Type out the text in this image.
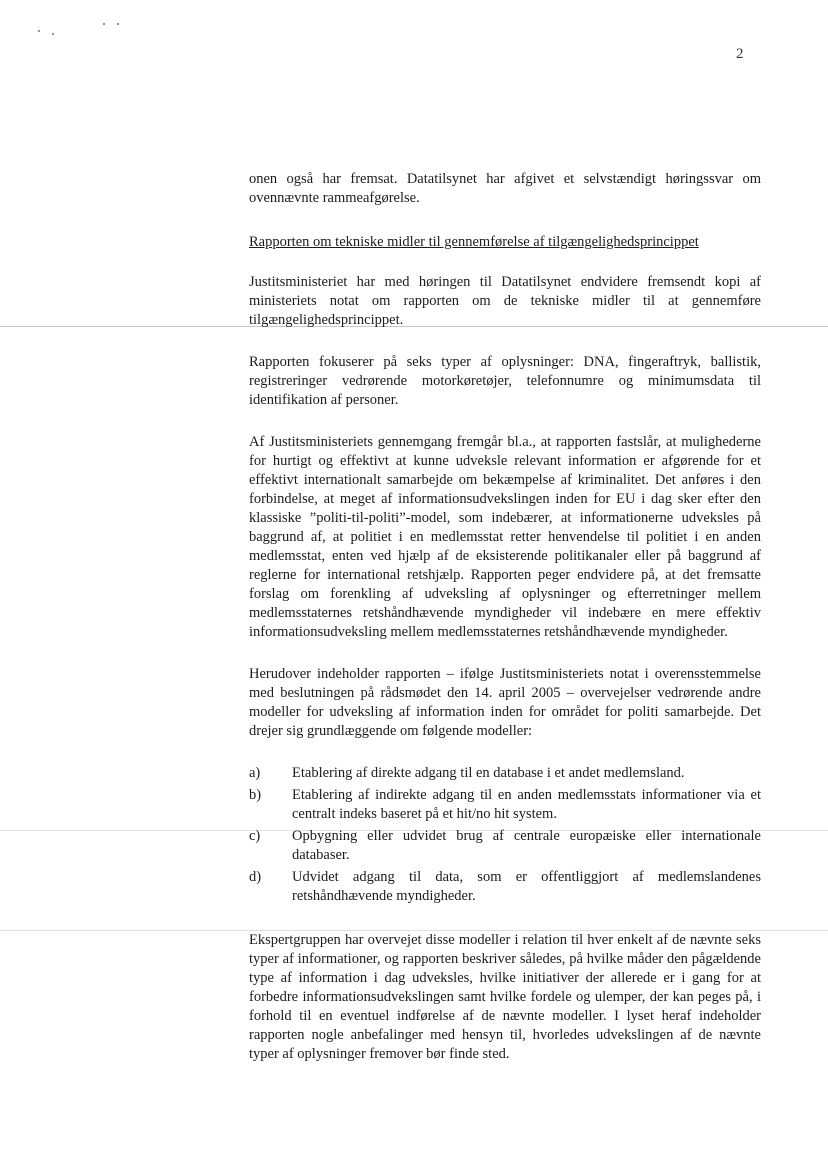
2

onen også har fremsat. Datatilsynet har afgivet et selvstændigt høringssvar om ovennævnte rammeafgørelse.

Rapporten om tekniske midler til gennemførelse af tilgængelighedsprincippet

Justitsministeriet har med høringen til Datatilsynet endvidere fremsendt kopi af ministeriets notat om rapporten om de tekniske midler til at gennemføre tilgængelighedsprincippet.

Rapporten fokuserer på seks typer af oplysninger: DNA, fingeraftryk, ballistik, registreringer vedrørende motorkøretøjer, telefonnumre og minimumsdata til identifikation af personer.

Af Justitsministeriets gennemgang fremgår bl.a., at rapporten fastslår, at mulighederne for hurtigt og effektivt at kunne udveksle relevant information er afgørende for et effektivt internationalt samarbejde om bekæmpelse af kriminalitet. Det anføres i den forbindelse, at meget af informationsudvekslingen inden for EU i dag sker efter den klassiske ”politi-til-politi”-model, som indebærer, at informationerne udveksles på baggrund af, at politiet i en medlemsstat retter henvendelse til politiet i en anden medlemsstat, enten ved hjælp af de eksisterende politikanaler eller på baggrund af reglerne for international retshjælp. Rapporten peger endvidere på, at det fremsatte forslag om forenkling af udveksling af oplysninger og efterretninger mellem medlemsstaternes retshåndhævende myndigheder vil indebære en mere effektiv informationsudveksling mellem medlemsstaternes retshåndhævende myndigheder.

Herudover indeholder rapporten – ifølge Justitsministeriets notat i overensstemmelse med beslutningen på rådsmødet den 14. april 2005 – overvejelser vedrørende andre modeller for udveksling af information inden for området for politi samarbejde. Det drejer sig grundlæggende om følgende modeller:

a)	Etablering af direkte adgang til en database i et andet medlemsland.
b)	Etablering af indirekte adgang til en anden medlemsstats informationer via et centralt indeks baseret på et hit/no hit system.
c)	Opbygning eller udvidet brug af centrale europæiske eller internationale databaser.
d)	Udvidet adgang til data, som er offentliggjort af medlemslandenes retshåndhævende myndigheder.

Ekspertgruppen har overvejet disse modeller i relation til hver enkelt af de nævnte seks typer af informationer, og rapporten beskriver således, på hvilke måder den pågældende type af information i dag udveksles, hvilke initiativer der allerede er i gang for at forbedre informationsudvekslingen samt hvilke fordele og ulemper, der kan peges på, i forhold til en eventuel indførelse af de nævnte modeller. I lyset heraf indeholder rapporten nogle anbefalinger med hensyn til, hvorledes udvekslingen af de nævnte typer af oplysninger fremover bør finde sted.
